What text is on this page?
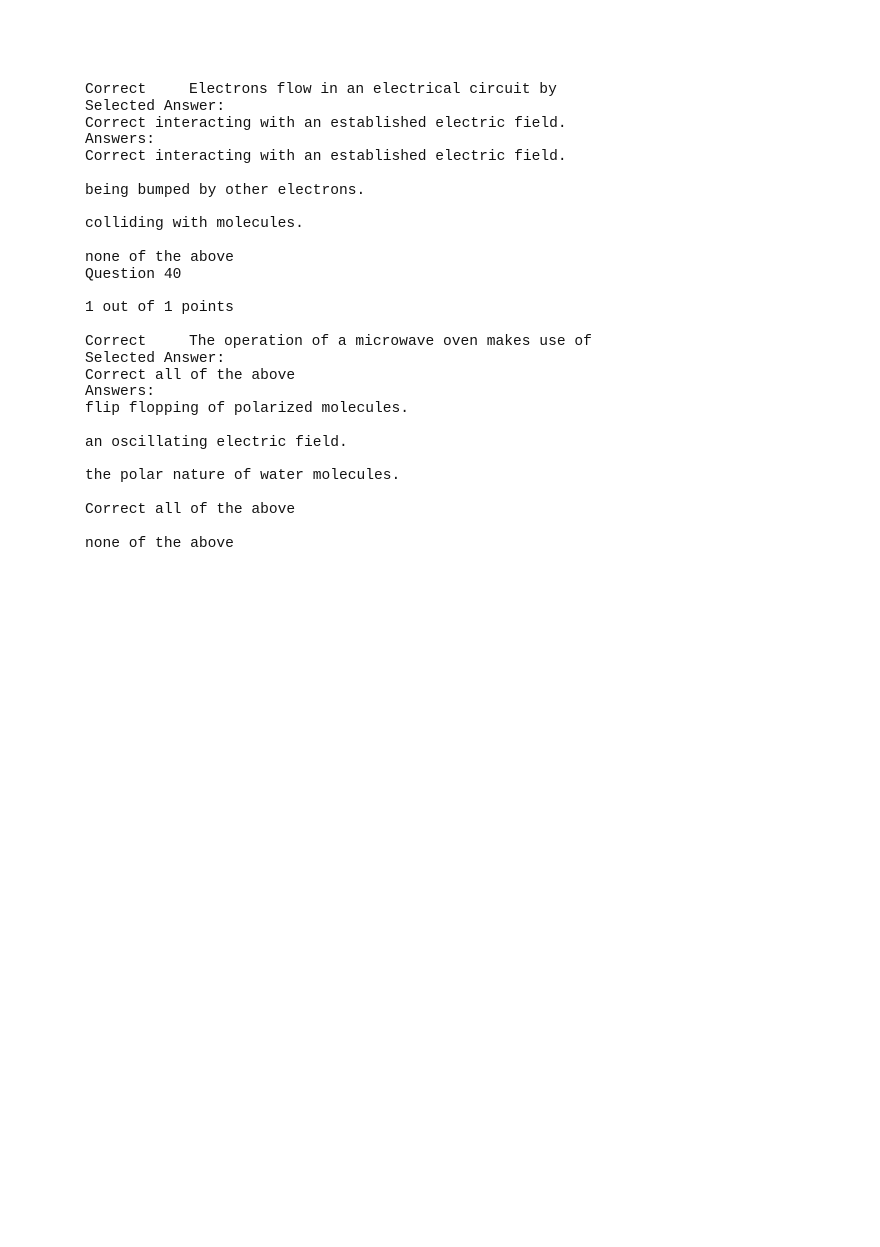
Correct	Electrons flow in an electrical circuit by
Selected Answer:
Correct interacting with an established electric field.
Answers:
Correct interacting with an established electric field.
being bumped by other electrons.
colliding with molecules.
none of the above
Question 40
1 out of 1 points
Correct	The operation of a microwave oven makes use of
Selected Answer:
Correct all of the above
Answers:
flip flopping of polarized molecules.
an oscillating electric field.
the polar nature of water molecules.
Correct all of the above
none of the above
